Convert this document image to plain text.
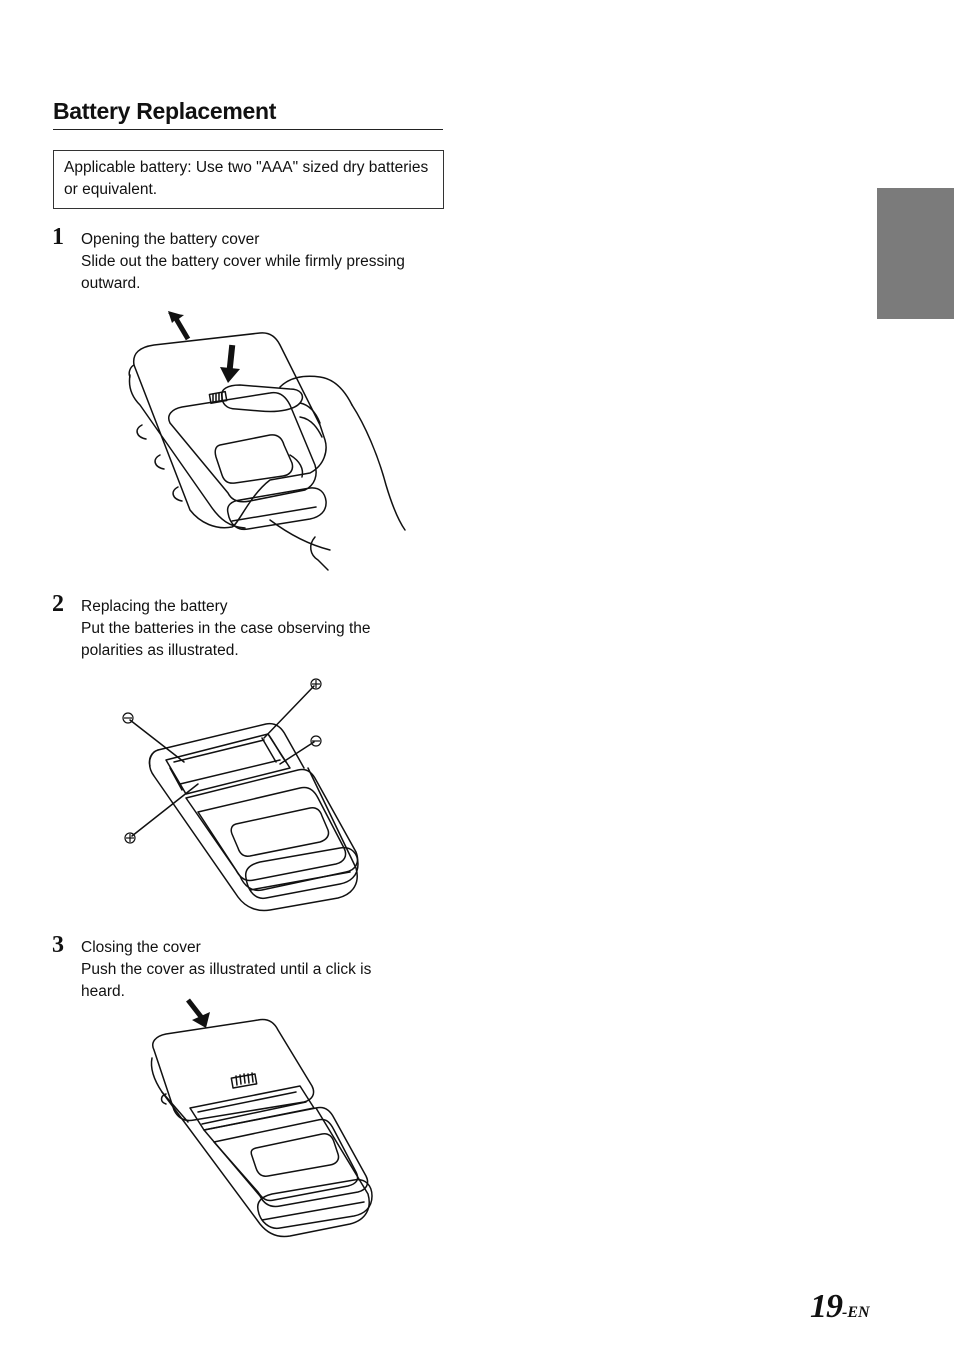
Battery Replacement
Applicable battery: Use two "AAA" sized dry batteries or equivalent.
1 Opening the battery cover
Slide out the battery cover while firmly pressing outward.
2 Replacing the battery
Put the batteries in the case observing the polarities as illustrated.
3 Closing the cover
Push the cover as illustrated until a click is heard.
19-EN
